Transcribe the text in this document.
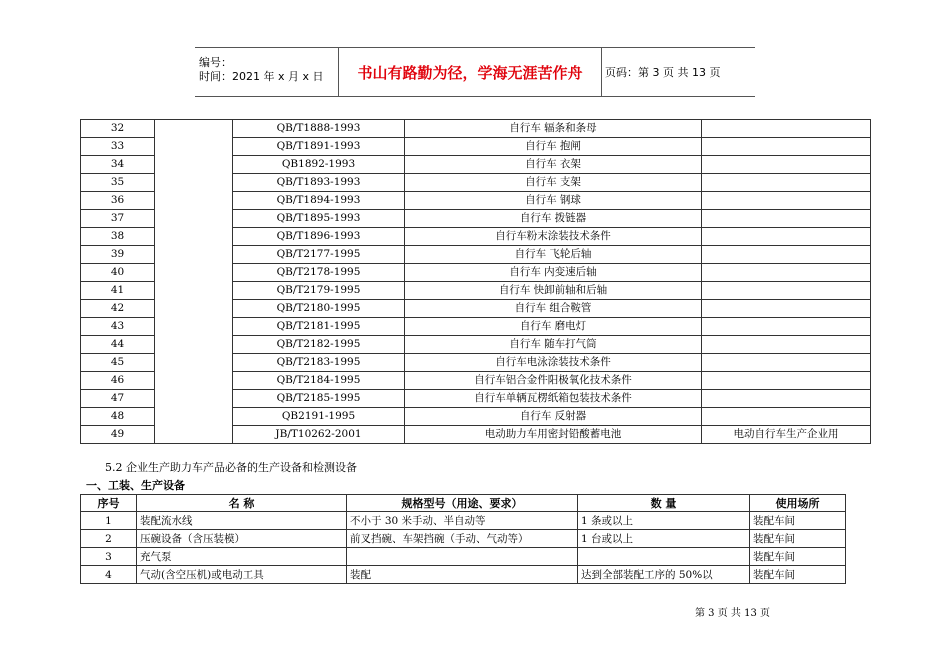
编号：
时间：2021 年 x 月 x 日 书山有路勤为径，学海无涯苦作舟 页码：第 3 页 共 13 页
32		QB/T1888-1993	自行车 辐条和条母	
33		QB/T1891-1993	自行车 抱闸	
34		QB1892-1993	自行车 衣架	
35		QB/T1893-1993	自行车 支架	
36		QB/T1894-1993	自行车 钢球	
37		QB/T1895-1993	自行车 拨链器	
38		QB/T1896-1993	自行车粉末涂装技术条件	
39		QB/T2177-1995	自行车 飞轮后轴	
40		QB/T2178-1995	自行车 内变速后轴	
41		QB/T2179-1995	自行车 快卸前轴和后轴	
42		QB/T2180-1995	自行车 组合鞍管	
43		QB/T2181-1995	自行车 磨电灯	
44		QB/T2182-1995	自行车 随车打气筒	
45		QB/T2183-1995	自行车电泳涂装技术条件	
46		QB/T2184-1995	自行车铝合金件阳极氧化技术条件	
47		QB/T2185-1995	自行车单辆瓦楞纸箱包装技术条件	
48		QB2191-1995	自行车 反射器	
49		JB/T10262-2001	电动助力车用密封铅酸蓄电池	电动自行车生产企业用
5.2 企业生产助力车产品必备的生产设备和检测设备
一、工装、生产设备
序号	名 称	规格型号（用途、要求）	数 量	使用场所
1	装配流水线	不小于 30 米手动、半自动等	1 条或以上	装配车间
2	压碗设备（含压装模）	前叉挡碗、车架挡碗（手动、气动等）	1 台或以上	装配车间
3	充气泵			装配车间
4	气动(含空压机)或电动工具	装配	达到全部装配工序的 50%以	装配车间
第 3 页 共 13 页
